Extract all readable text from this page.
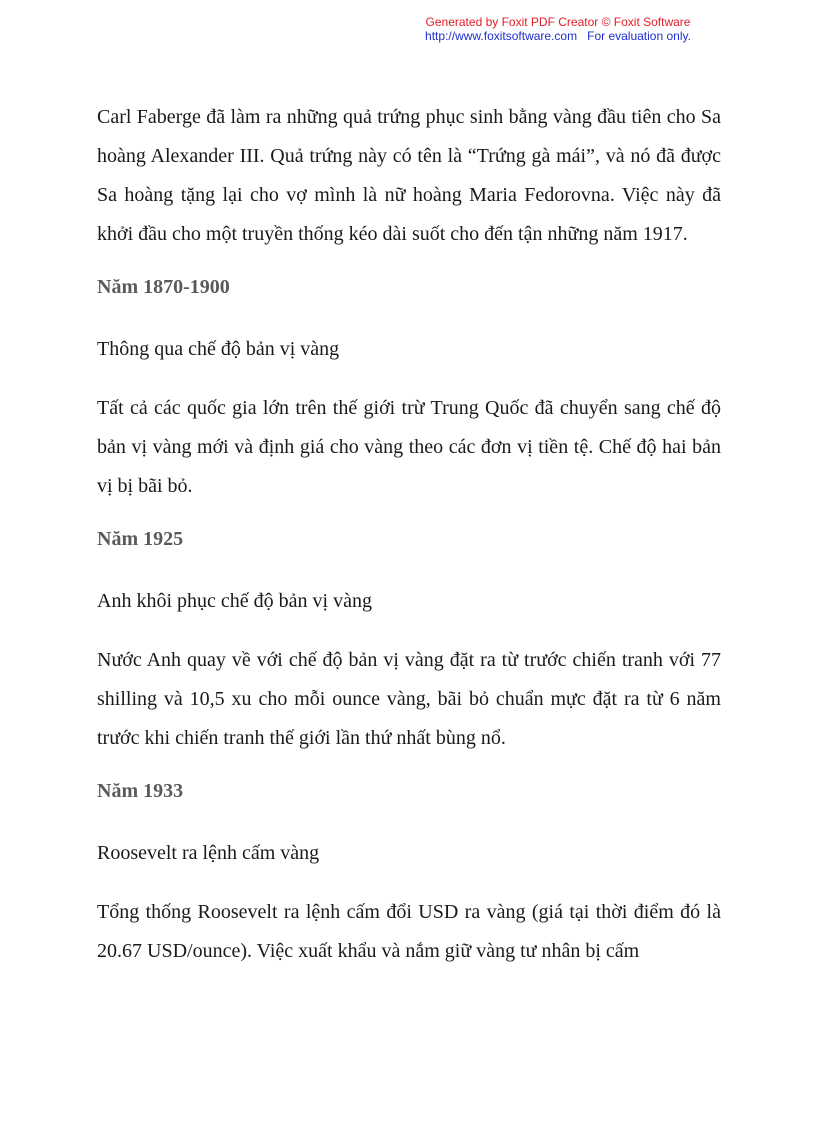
Generated by Foxit PDF Creator © Foxit Software
http://www.foxitsoftware.com For evaluation only.

Carl Faberge đã làm ra những quả trứng phục sinh bằng vàng đầu tiên cho Sa hoàng Alexander III. Quả trứng này có tên là “Trứng gà mái”, và nó đã được Sa hoàng tặng lại cho vợ mình là nữ hoàng Maria Fedorovna. Việc này đã khởi đầu cho một truyền thống kéo dài suốt cho đến tận những năm 1917.

Năm 1870-1900

Thông qua chế độ bản vị vàng

Tất cả các quốc gia lớn trên thế giới trừ Trung Quốc đã chuyển sang chế độ bản vị vàng mới và định giá cho vàng theo các đơn vị tiền tệ. Chế độ hai bản vị bị bãi bỏ.

Năm 1925

Anh khôi phục chế độ bản vị vàng

Nước Anh quay về với chế độ bản vị vàng đặt ra từ trước chiến tranh với 77 shilling và 10,5 xu cho mỗi ounce vàng, bãi bỏ chuẩn mực đặt ra từ 6 năm trước khi chiến tranh thế giới lần thứ nhất bùng nổ.

Năm 1933

Roosevelt ra lệnh cấm vàng

Tổng thống Roosevelt ra lệnh cấm đổi USD ra vàng (giá tại thời điểm đó là 20.67 USD/ounce). Việc xuất khẩu và nắm giữ vàng tư nhân bị cấm
